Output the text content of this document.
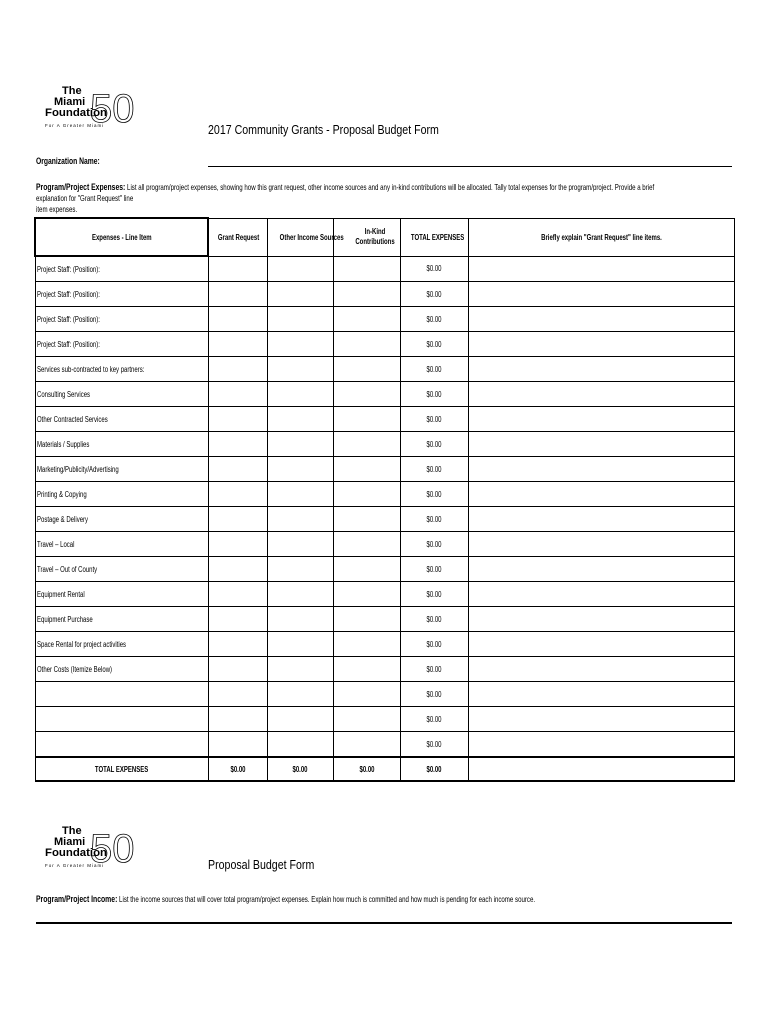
The
Miami
Foundation
50
For A Greater Miami	2017 Community Grants - Proposal Budget Form
Organization Name:
Program/Project Expenses: List all program/project expenses, showing how this grant request, other income sources and any in-kind contributions will be allocated. Tally total expenses for the program/project. Provide a brief explanation for "Grant Request" line
item expenses.
Expenses - Line Item	Grant Request	Other Income Sources	In-Kind Contributions	TOTAL EXPENSES	Briefly explain "Grant Request" line items.
Project Staff: (Position):				$0.00	
Project Staff: (Position):				$0.00	
Project Staff: (Position):				$0.00	
Project Staff: (Position):				$0.00	
Services sub-contracted to key partners:				$0.00	
Consulting Services				$0.00	
Other Contracted Services				$0.00	
Materials / Supplies				$0.00	
Marketing/Publicity/Advertising				$0.00	
Printing & Copying				$0.00	
Postage & Delivery				$0.00	
Travel – Local				$0.00	
Travel – Out of County				$0.00	
Equipment Rental				$0.00	
Equipment Purchase				$0.00	
Space Rental for project activities				$0.00	
Other Costs (Itemize Below)				$0.00	
				$0.00	
				$0.00	
				$0.00	
TOTAL EXPENSES	$0.00	$0.00	$0.00	$0.00	
The
Miami
Foundation
50
For A Greater Miami	Proposal Budget Form
Program/Project Income: List the income sources that will cover total program/project expenses. Explain how much is committed and how much is pending for each income source.
